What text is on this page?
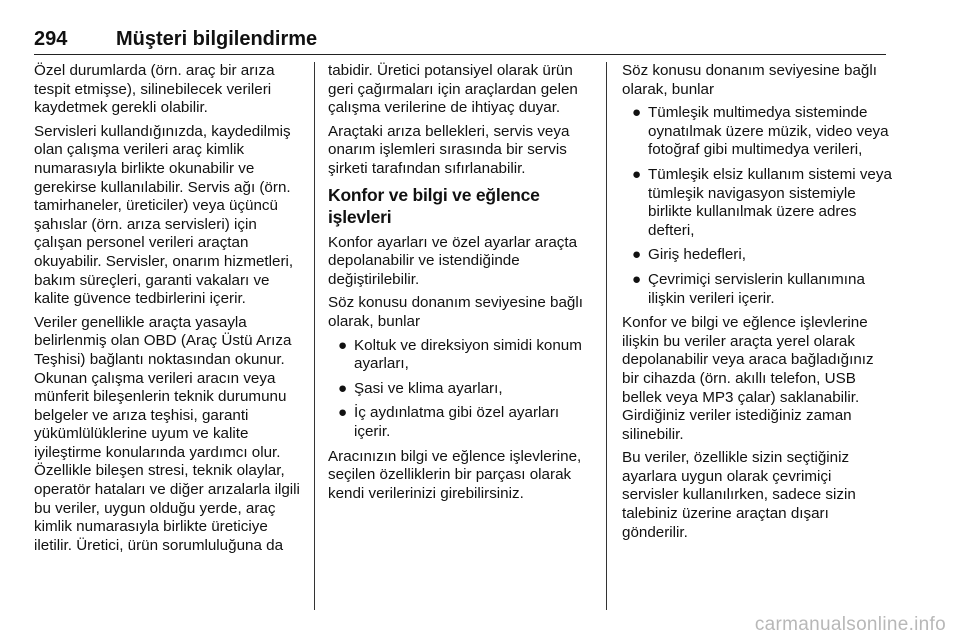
294 Müşteri bilgilendirme

Özel durumlarda (örn. araç bir arıza tespit etmişse), silinebilecek verileri kaydetmek gerekli olabilir.

Servisleri kullandığınızda, kaydedilmiş olan çalışma verileri araç kimlik numarasıyla birlikte okunabilir ve gerekirse kullanılabilir. Servis ağı (örn. tamirhaneler, üreticiler) veya üçüncü şahıslar (örn. arıza servisleri) için çalışan personel verileri araçtan okuyabilir. Servisler, onarım hizmetleri, bakım süreçleri, garanti vakaları ve kalite güvence tedbirlerini içerir.

Veriler genellikle araçta yasayla belirlenmiş olan OBD (Araç Üstü Arıza Teşhisi) bağlantı noktasından okunur. Okunan çalışma verileri aracın veya münferit bileşenlerin teknik durumunu belgeler ve arıza teşhisi, garanti yükümlülüklerine uyum ve kalite iyileştirme konularında yardımcı olur. Özellikle bileşen stresi, teknik olaylar, operatör hataları ve diğer arızalarla ilgili bu veriler, uygun olduğu yerde, araç kimlik numarasıyla birlikte üreticiye iletilir. Üretici, ürün sorumluluğuna da

tabidir. Üretici potansiyel olarak ürün geri çağırmaları için araçlardan gelen çalışma verilerine de ihtiyaç duyar.

Araçtaki arıza bellekleri, servis veya onarım işlemleri sırasında bir servis şirketi tarafından sıfırlanabilir.

Konfor ve bilgi ve eğlence işlevleri

Konfor ayarları ve özel ayarlar araçta depolanabilir ve istendiğinde değiştirilebilir.

Söz konusu donanım seviyesine bağlı olarak, bunlar

● Koltuk ve direksiyon simidi konum ayarları,
● Şasi ve klima ayarları,
● İç aydınlatma gibi özel ayarları içerir.

Aracınızın bilgi ve eğlence işlevlerine, seçilen özelliklerin bir parçası olarak kendi verilerinizi girebilirsiniz.

Söz konusu donanım seviyesine bağlı olarak, bunlar

● Tümleşik multimedya sisteminde oynatılmak üzere müzik, video veya fotoğraf gibi multimedya verileri,
● Tümleşik elsiz kullanım sistemi veya tümleşik navigasyon sistemiyle birlikte kullanılmak üzere adres defteri,
● Giriş hedefleri,
● Çevrimiçi servislerin kullanımına ilişkin verileri içerir.

Konfor ve bilgi ve eğlence işlevlerine ilişkin bu veriler araçta yerel olarak depolanabilir veya araca bağladığınız bir cihazda (örn. akıllı telefon, USB bellek veya MP3 çalar) saklanabilir. Girdiğiniz veriler istediğiniz zaman silinebilir.

Bu veriler, özellikle sizin seçtiğiniz ayarlara uygun olarak çevrimiçi servisler kullanılırken, sadece sizin talebiniz üzerine araçtan dışarı gönderilir.

carmanualsonline.info
